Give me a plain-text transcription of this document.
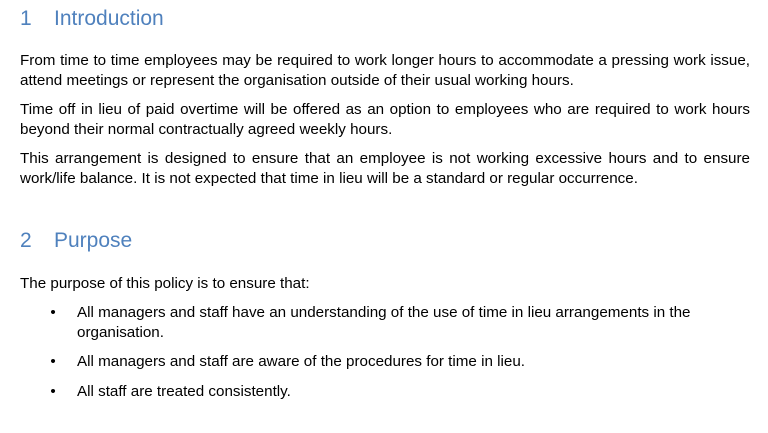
1	Introduction

From time to time employees may be required to work longer hours to accommodate a pressing work issue, attend meetings or represent the organisation outside of their usual working hours.

Time off in lieu of paid overtime will be offered as an option to employees who are required to work hours beyond their normal contractually agreed weekly hours.

This arrangement is designed to ensure that an employee is not working excessive hours and to ensure work/life balance. It is not expected that time in lieu will be a standard or regular occurrence.

2	Purpose

The purpose of this policy is to ensure that:

• All managers and staff have an understanding of the use of time in lieu arrangements in the organisation.
• All managers and staff are aware of the procedures for time in lieu.
• All staff are treated consistently.
